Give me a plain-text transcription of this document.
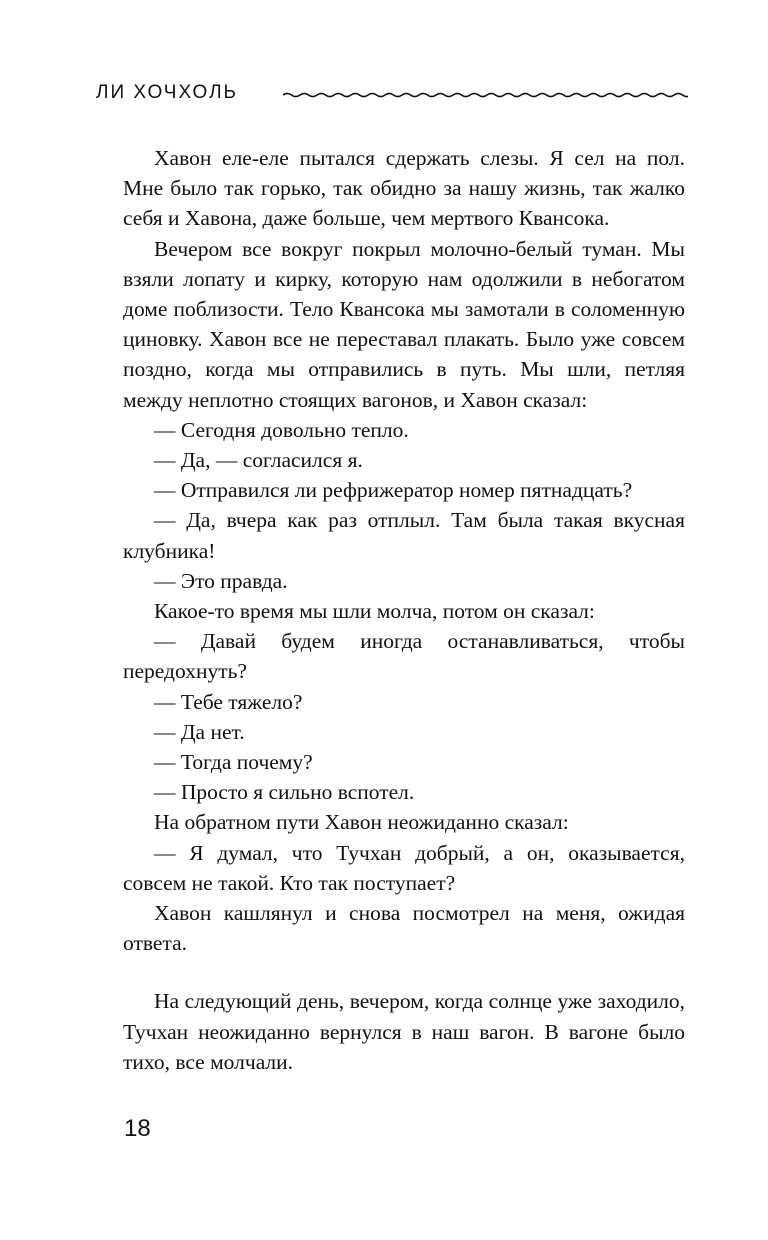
ЛИ ХОЧХОЛЬ

Хавон еле-еле пытался сдержать слезы. Я сел на пол. Мне было так горько, так обидно за нашу жизнь, так жалко себя и Хавона, даже больше, чем мертвого Квансока.

Вечером все вокруг покрыл молочно-белый туман. Мы взяли лопату и кирку, которую нам одолжили в небогатом доме поблизости. Тело Квансока мы замотали в соломенную циновку. Хавон все не переставал плакать. Было уже совсем поздно, когда мы отправились в путь. Мы шли, петляя между неплотно стоящих вагонов, и Хавон сказал:

— Сегодня довольно тепло.

— Да, — согласился я.

— Отправился ли рефрижератор номер пятнадцать?

— Да, вчера как раз отплыл. Там была такая вкусная клубника!

— Это правда.

Какое-то время мы шли молча, потом он сказал:

— Давай будем иногда останавливаться, чтобы передохнуть?

— Тебе тяжело?

— Да нет.

— Тогда почему?

— Просто я сильно вспотел.

На обратном пути Хавон неожиданно сказал:

— Я думал, что Тучхан добрый, а он, оказывается, совсем не такой. Кто так поступает?

Хавон кашлянул и снова посмотрел на меня, ожидая ответа.

На следующий день, вечером, когда солнце уже заходило, Тучхан неожиданно вернулся в наш вагон. В вагоне было тихо, все молчали.

18
